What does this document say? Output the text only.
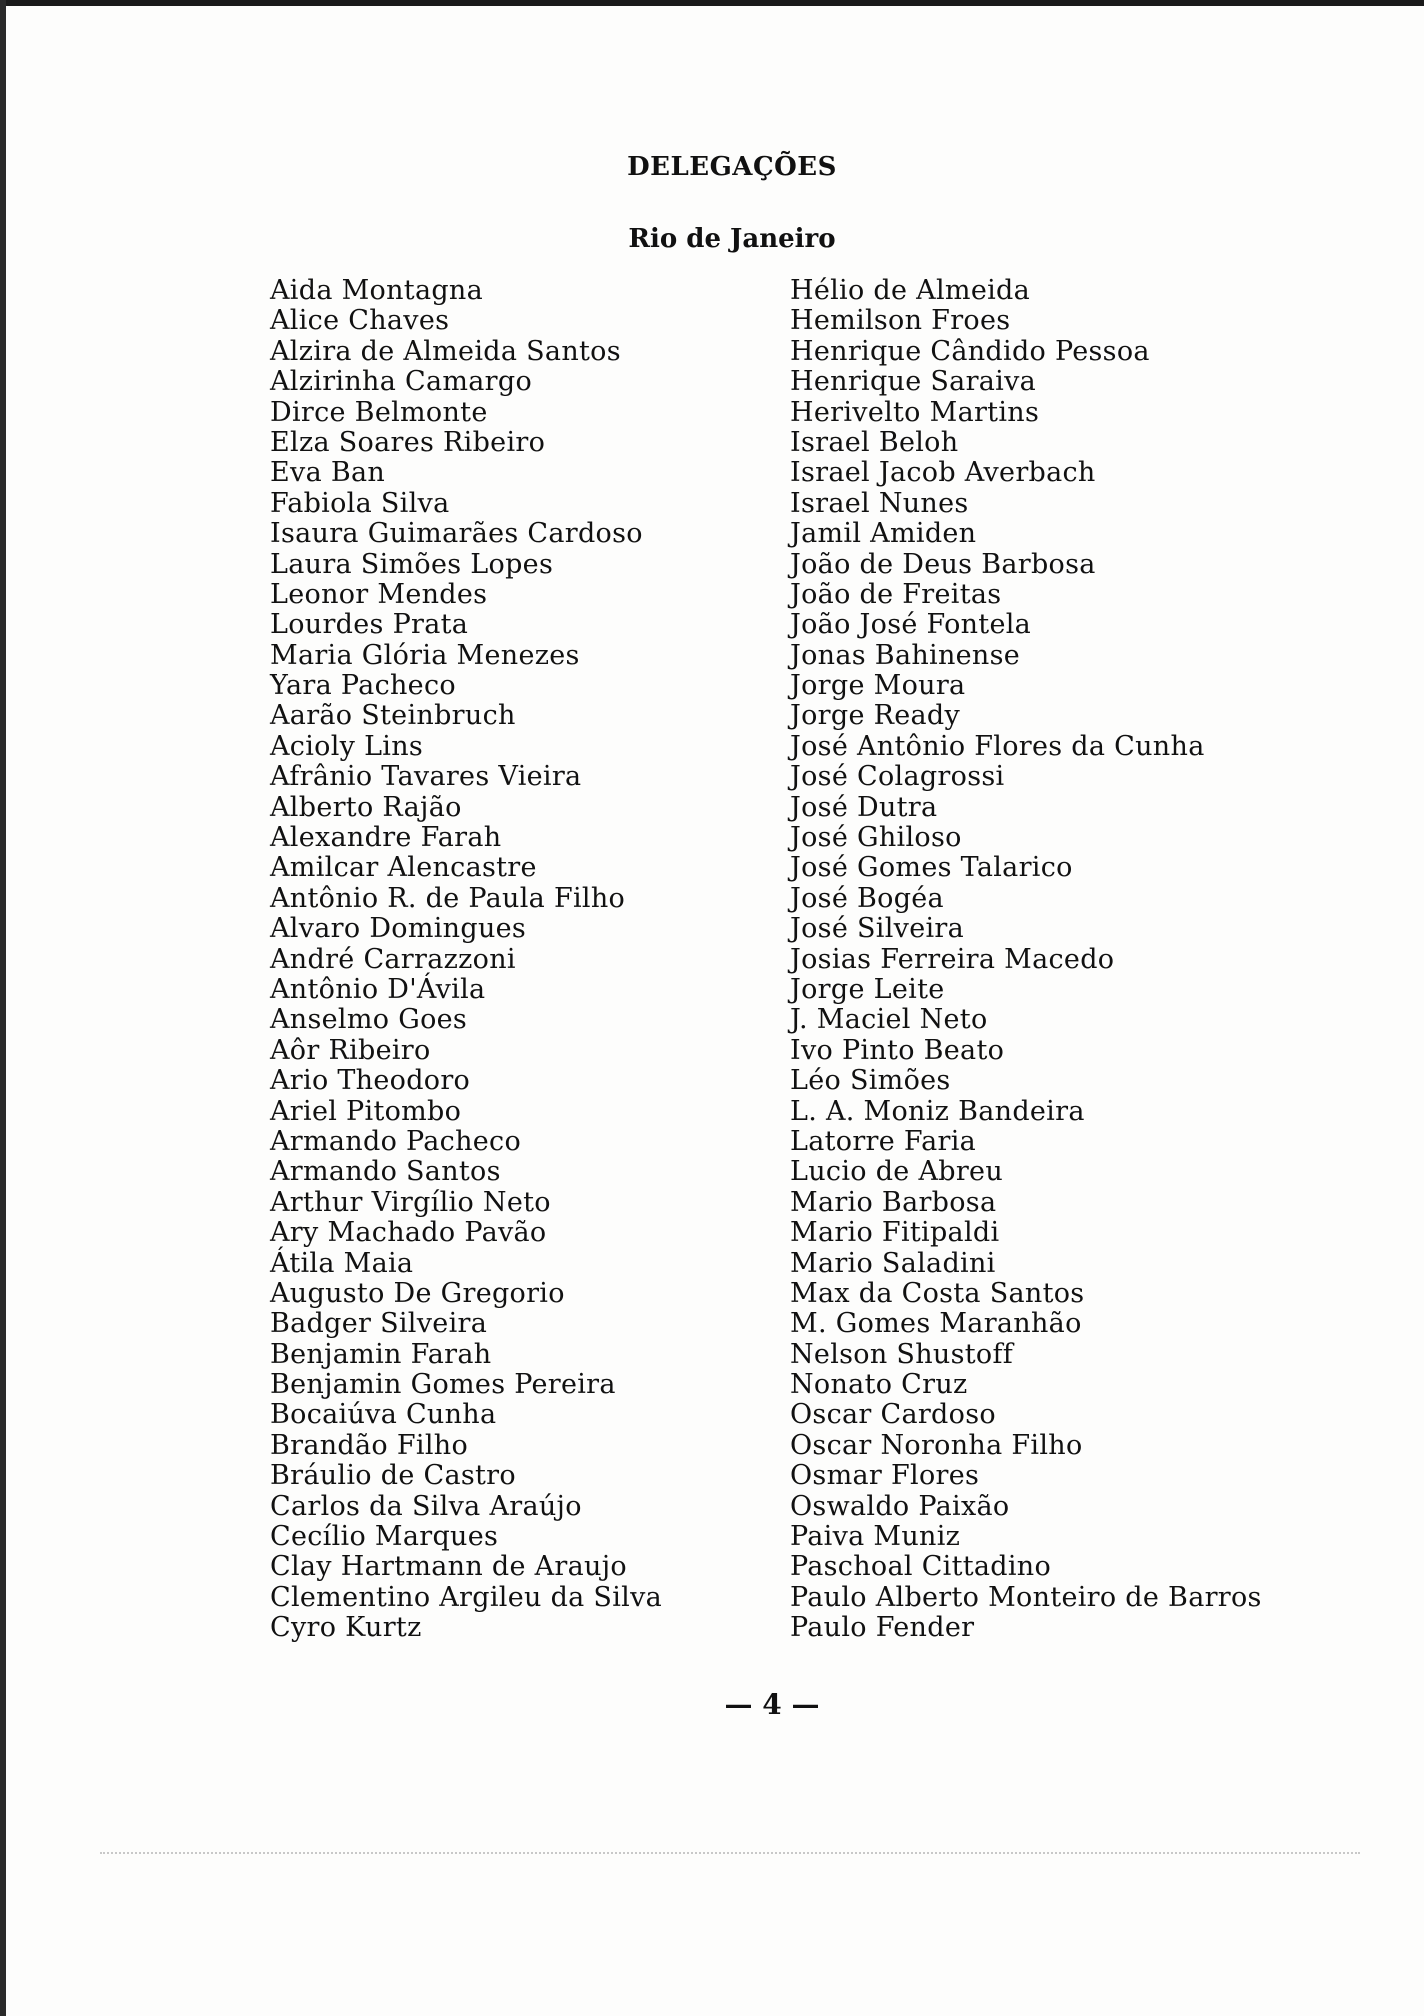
DELEGAÇÕES
Rio de Janeiro
Aida Montagna
Alice Chaves
Alzira de Almeida Santos
Alzirinha Camargo
Dirce Belmonte
Elza Soares Ribeiro
Eva Ban
Fabiola Silva
Isaura Guimarães Cardoso
Laura Simões Lopes
Leonor Mendes
Lourdes Prata
Maria Glória Menezes
Yara Pacheco
Aarão Steinbruch
Acioly Lins
Afrânio Tavares Vieira
Alberto Rajão
Alexandre Farah
Amilcar Alencastre
Antônio R. de Paula Filho
Alvaro Domingues
André Carrazzoni
Antônio D'Ávila
Anselmo Goes
Aôr Ribeiro
Ario Theodoro
Ariel Pitombo
Armando Pacheco
Armando Santos
Arthur Virgílio Neto
Ary Machado Pavão
Átila Maia
Augusto De Gregorio
Badger Silveira
Benjamin Farah
Benjamin Gomes Pereira
Bocaiúva Cunha
Brandão Filho
Bráulio de Castro
Carlos da Silva Araújo
Cecílio Marques
Clay Hartmann de Araujo
Clementino Argileu da Silva
Cyro Kurtz
Hélio de Almeida
Hemilson Froes
Henrique Cândido Pessoa
Henrique Saraiva
Herivelto Martins
Israel Beloh
Israel Jacob Averbach
Israel Nunes
Jamil Amiden
João de Deus Barbosa
João de Freitas
João José Fontela
Jonas Bahinense
Jorge Moura
Jorge Ready
José Antônio Flores da Cunha
José Colagrossi
José Dutra
José Ghiloso
José Gomes Talarico
José Bogéa
José Silveira
Josias Ferreira Macedo
Jorge Leite
J. Maciel Neto
Ivo Pinto Beato
Léo Simões
L. A. Moniz Bandeira
Latorre Faria
Lucio de Abreu
Mario Barbosa
Mario Fitipaldi
Mario Saladini
Max da Costa Santos
M. Gomes Maranhão
Nelson Shustoff
Nonato Cruz
Oscar Cardoso
Oscar Noronha Filho
Osmar Flores
Oswaldo Paixão
Paiva Muniz
Paschoal Cittadino
Paulo Alberto Monteiro de Barros
Paulo Fender
— 4 —
